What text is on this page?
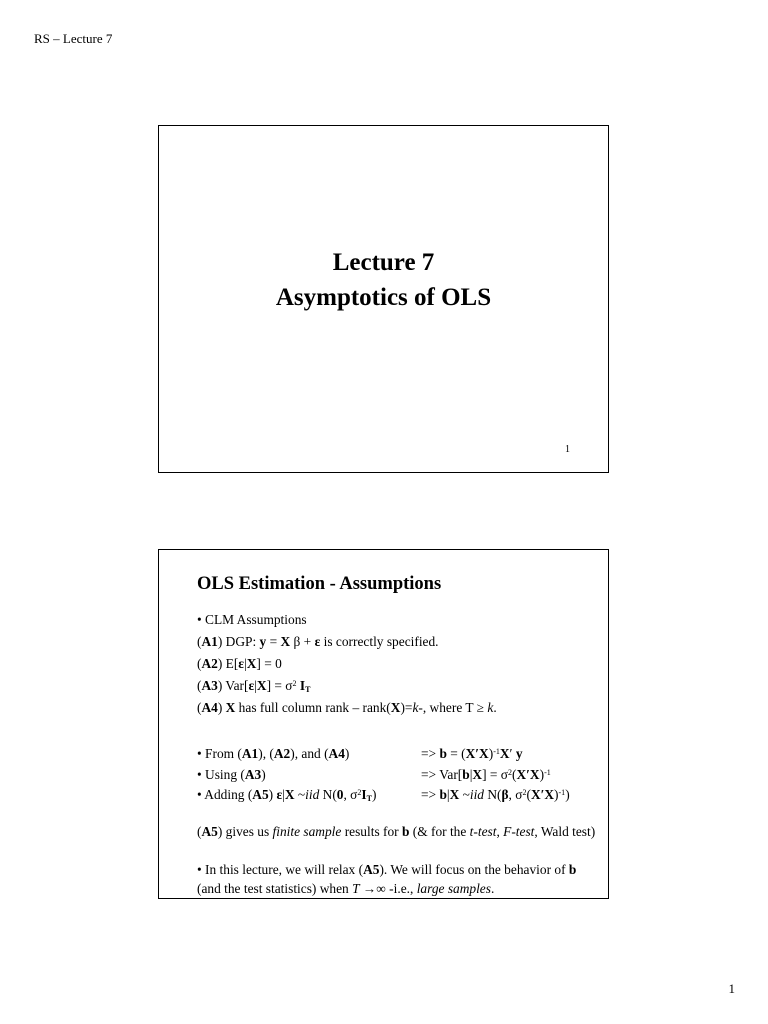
RS – Lecture 7
Lecture 7
Asymptotics of OLS
1
OLS Estimation - Assumptions
• CLM Assumptions
(A1) DGP: y = X β + ε is correctly specified.
(A2) E[ε|X] = 0
(A3) $Var[\varepsilon|X] = \sigma^2$ $I_T$
(A4) X has full column rank – rank(X)=k-, where T ≥ k.
• From (A1), (A2), and (A4)	=> $b = (X'X)^{-1}X'$ y
• Using (A3)	=> $Var[b|X] = \sigma^2(X'X)^{-1}$
• Adding (A5) ε|X ~iid N(0, $\sigma^2I_T$)	=> b|X ~iid N(β, $\sigma^2(X'X)^{-1}$)
(A5) gives us finite sample results for b (& for the t-test, F-test, Wald test)
• In this lecture, we will relax (A5). We will focus on the behavior of b
(and the test statistics) when T →∞ -i.e., large samples.
1
